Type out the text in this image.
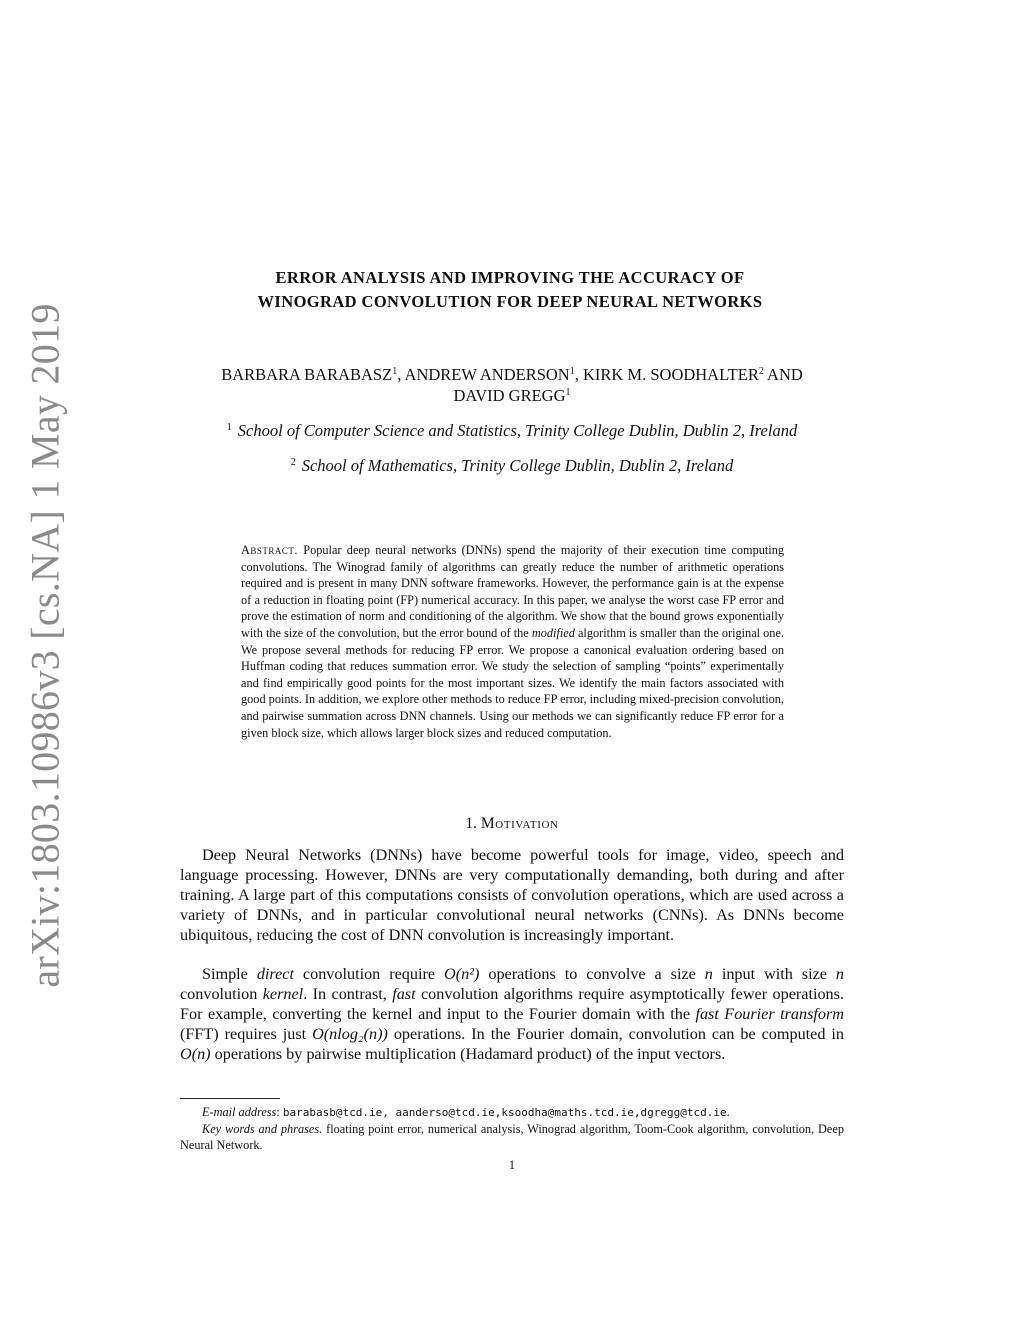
arXiv:1803.10986v3 [cs.NA] 1 May 2019
ERROR ANALYSIS AND IMPROVING THE ACCURACY OF
WINOGRAD CONVOLUTION FOR DEEP NEURAL NETWORKS
BARBARA BARABASZ$^1$, ANDREW ANDERSON$^1$, KIRK M. SOODHALTER$^2$ AND
DAVID GREGG$^1$
$^1$ School of Computer Science and Statistics, Trinity College Dublin, Dublin 2, Ireland
$^2$ School of Mathematics, Trinity College Dublin, Dublin 2, Ireland
Abstract. Popular deep neural networks (DNNs) spend the majority of their execution time computing convolutions. The Winograd family of algorithms can greatly reduce the number of arithmetic operations required and is present in many DNN software frameworks. However, the performance gain is at the expense of a reduction in floating point (FP) numerical accuracy. In this paper, we analyse the worst case FP error and prove the estimation of norm and conditioning of the algorithm. We show that the bound grows exponentially with the size of the convolution, but the error bound of the modified algorithm is smaller than the original one. We propose several methods for reducing FP error. We propose a canonical evaluation ordering based on Huffman coding that reduces summation error. We study the selection of sampling “points” experimentally and find empirically good points for the most important sizes. We identify the main factors associated with good points. In addition, we explore other methods to reduce FP error, including mixed-precision convolution, and pairwise summation across DNN channels. Using our methods we can significantly reduce FP error for a given block size, which allows larger block sizes and reduced computation.
1. Motivation

Deep Neural Networks (DNNs) have become powerful tools for image, video, speech and language processing. However, DNNs are very computationally demanding, both during and after training. A large part of this computations consists of convolution operations, which are used across a variety of DNNs, and in particular convolutional neural networks (CNNs). As DNNs become ubiquitous, reducing the cost of DNN convolution is increasingly important.

Simple direct convolution require O(n²) operations to convolve a size n input with size n convolution kernel. In contrast, fast convolution algorithms require asymptotically fewer operations. For example, converting the kernel and input to the Fourier domain with the fast Fourier transform (FFT) requires just O(nlog₂(n)) operations. In the Fourier domain, convolution can be computed in O(n) operations by pairwise multiplication (Hadamard product) of the input vectors.

E-mail address: barabasb@tcd.ie, aanderso@tcd.ie,ksoodha@maths.tcd.ie,dgregg@tcd.ie.

Key words and phrases. floating point error, numerical analysis, Winograd algorithm, Toom-Cook algorithm, convolution, Deep Neural Network.

1
